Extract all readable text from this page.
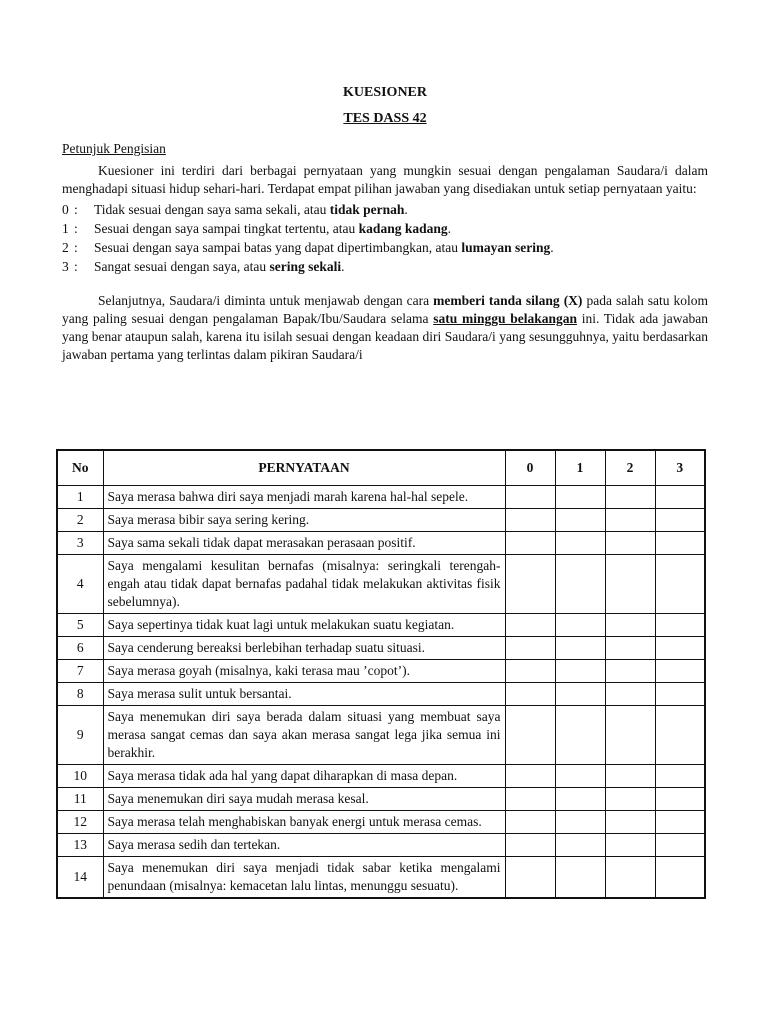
KUESIONER
TES DASS 42
Petunjuk Pengisian

Kuesioner ini terdiri dari berbagai pernyataan yang mungkin sesuai dengan pengalaman Saudara/i dalam menghadapi situasi hidup sehari-hari. Terdapat empat pilihan jawaban yang disediakan untuk setiap pernyataan yaitu:

0 :	Tidak sesuai dengan saya sama sekali, atau tidak pernah.
1 :	Sesuai dengan saya sampai tingkat tertentu, atau kadang kadang.
2 :	Sesuai dengan saya sampai batas yang dapat dipertimbangkan, atau lumayan sering.
3 :	Sangat sesuai dengan saya, atau sering sekali.

Selanjutnya, Saudara/i diminta untuk menjawab dengan cara memberi tanda silang (X) pada salah satu kolom yang paling sesuai dengan pengalaman Bapak/Ibu/Saudara selama satu minggu belakangan ini. Tidak ada jawaban yang benar ataupun salah, karena itu isilah sesuai dengan keadaan diri Saudara/i yang sesungguhnya, yaitu berdasarkan jawaban pertama yang terlintas dalam pikiran Saudara/i

No	PERNYATAAN	0	1	2	3
1	Saya merasa bahwa diri saya menjadi marah karena hal-hal sepele.				
2	Saya merasa bibir saya sering kering.				
3	Saya sama sekali tidak dapat merasakan perasaan positif.				
4	Saya mengalami kesulitan bernafas (misalnya: seringkali terengah-engah atau tidak dapat bernafas padahal tidak melakukan aktivitas fisik sebelumnya).				
5	Saya sepertinya tidak kuat lagi untuk melakukan suatu kegiatan.				
6	Saya cenderung bereaksi berlebihan terhadap suatu situasi.				
7	Saya merasa goyah (misalnya, kaki terasa mau ’copot’).				
8	Saya merasa sulit untuk bersantai.				
9	Saya menemukan diri saya berada dalam situasi yang membuat saya merasa sangat cemas dan saya akan merasa sangat lega jika semua ini berakhir.				
10	Saya merasa tidak ada hal yang dapat diharapkan di masa depan.				
11	Saya menemukan diri saya mudah merasa kesal.				
12	Saya merasa telah menghabiskan banyak energi untuk merasa cemas.				
13	Saya merasa sedih dan tertekan.				
14	Saya menemukan diri saya menjadi tidak sabar ketika mengalami penundaan (misalnya: kemacetan lalu lintas, menunggu sesuatu).				
